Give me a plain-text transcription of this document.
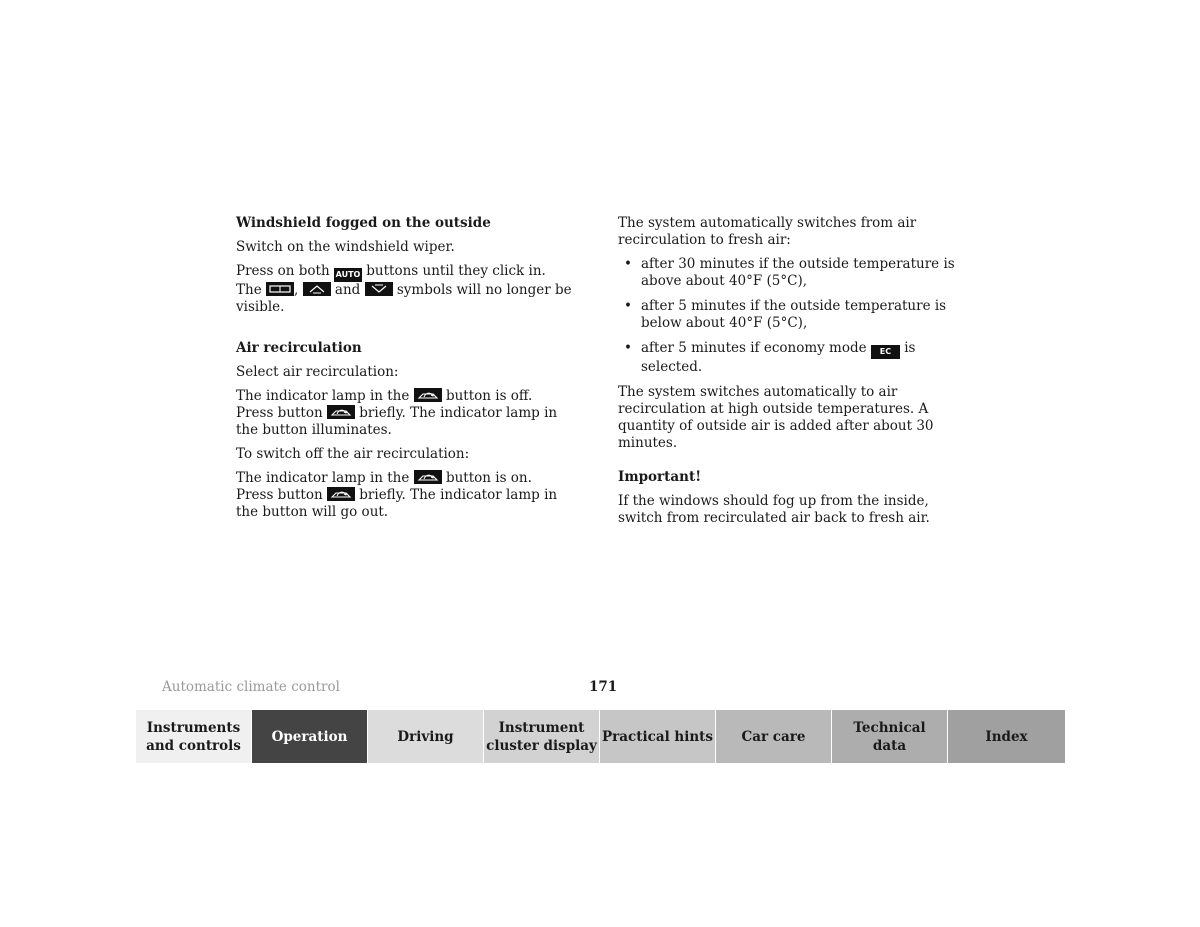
Windshield fogged on the outside

Switch on the windshield wiper.

Press on both AUTO buttons until they click in.
The ,	and	symbols will no longer be visible.

Air recirculation

Select air recirculation:

The indicator lamp in the	button is off.
Press button	briefly. The indicator lamp in the button illuminates.

To switch off the air recirculation:

The indicator lamp in the	button is on.
Press button	briefly. The indicator lamp in the button will go out.

The system automatically switches from air recirculation to fresh air:

• after 30 minutes if the outside temperature is above about 40°F (5°C),
• after 5 minutes if the outside temperature is below about 40°F (5°C),
• after 5 minutes if economy mode EC is selected.

The system switches automatically to air recirculation at high outside temperatures. A quantity of outside air is added after about 30 minutes.

Important!

If the windows should fog up from the inside, switch from recirculated air back to fresh air.

Automatic climate control	171
Instruments
and controls
Operation	Driving
Instrument
cluster display
Practical hints Car care
Technical
data
Index
